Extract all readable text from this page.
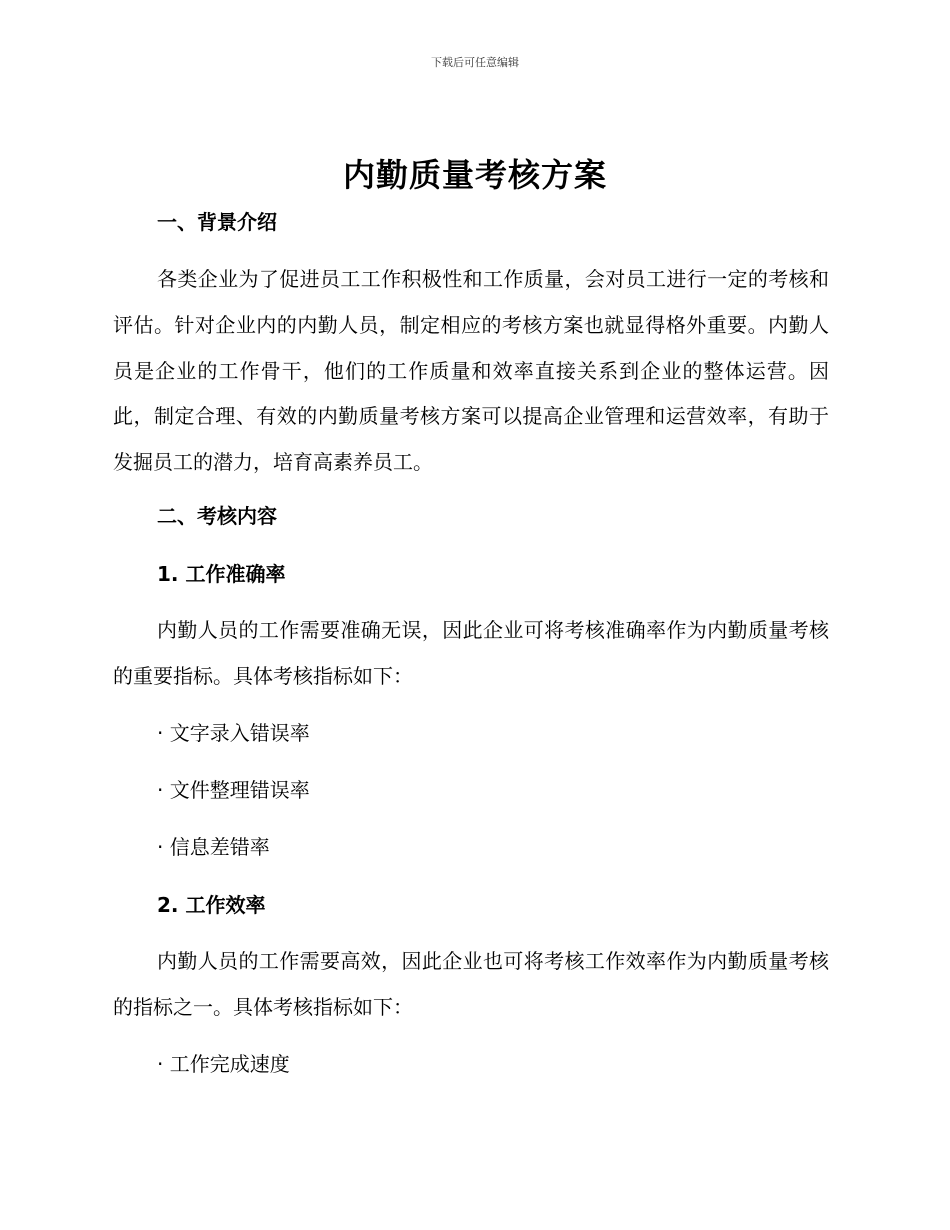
下载后可任意编辑
内勤质量考核方案
一、背景介绍

各类企业为了促进员工工作积极性和工作质量，会对员工进行一定的考核和评估。针对企业内的内勤人员，制定相应的考核方案也就显得格外重要。内勤人员是企业的工作骨干，他们的工作质量和效率直接关系到企业的整体运营。因此，制定合理、有效的内勤质量考核方案可以提高企业管理和运营效率，有助于发掘员工的潜力，培育高素养员工。

二、考核内容
1. 工作准确率

内勤人员的工作需要准确无误，因此企业可将考核准确率作为内勤质量考核的重要指标。具体考核指标如下：

· 文字录入错误率
· 文件整理错误率
· 信息差错率
2. 工作效率

内勤人员的工作需要高效，因此企业也可将考核工作效率作为内勤质量考核的指标之一。具体考核指标如下：

· 工作完成速度
